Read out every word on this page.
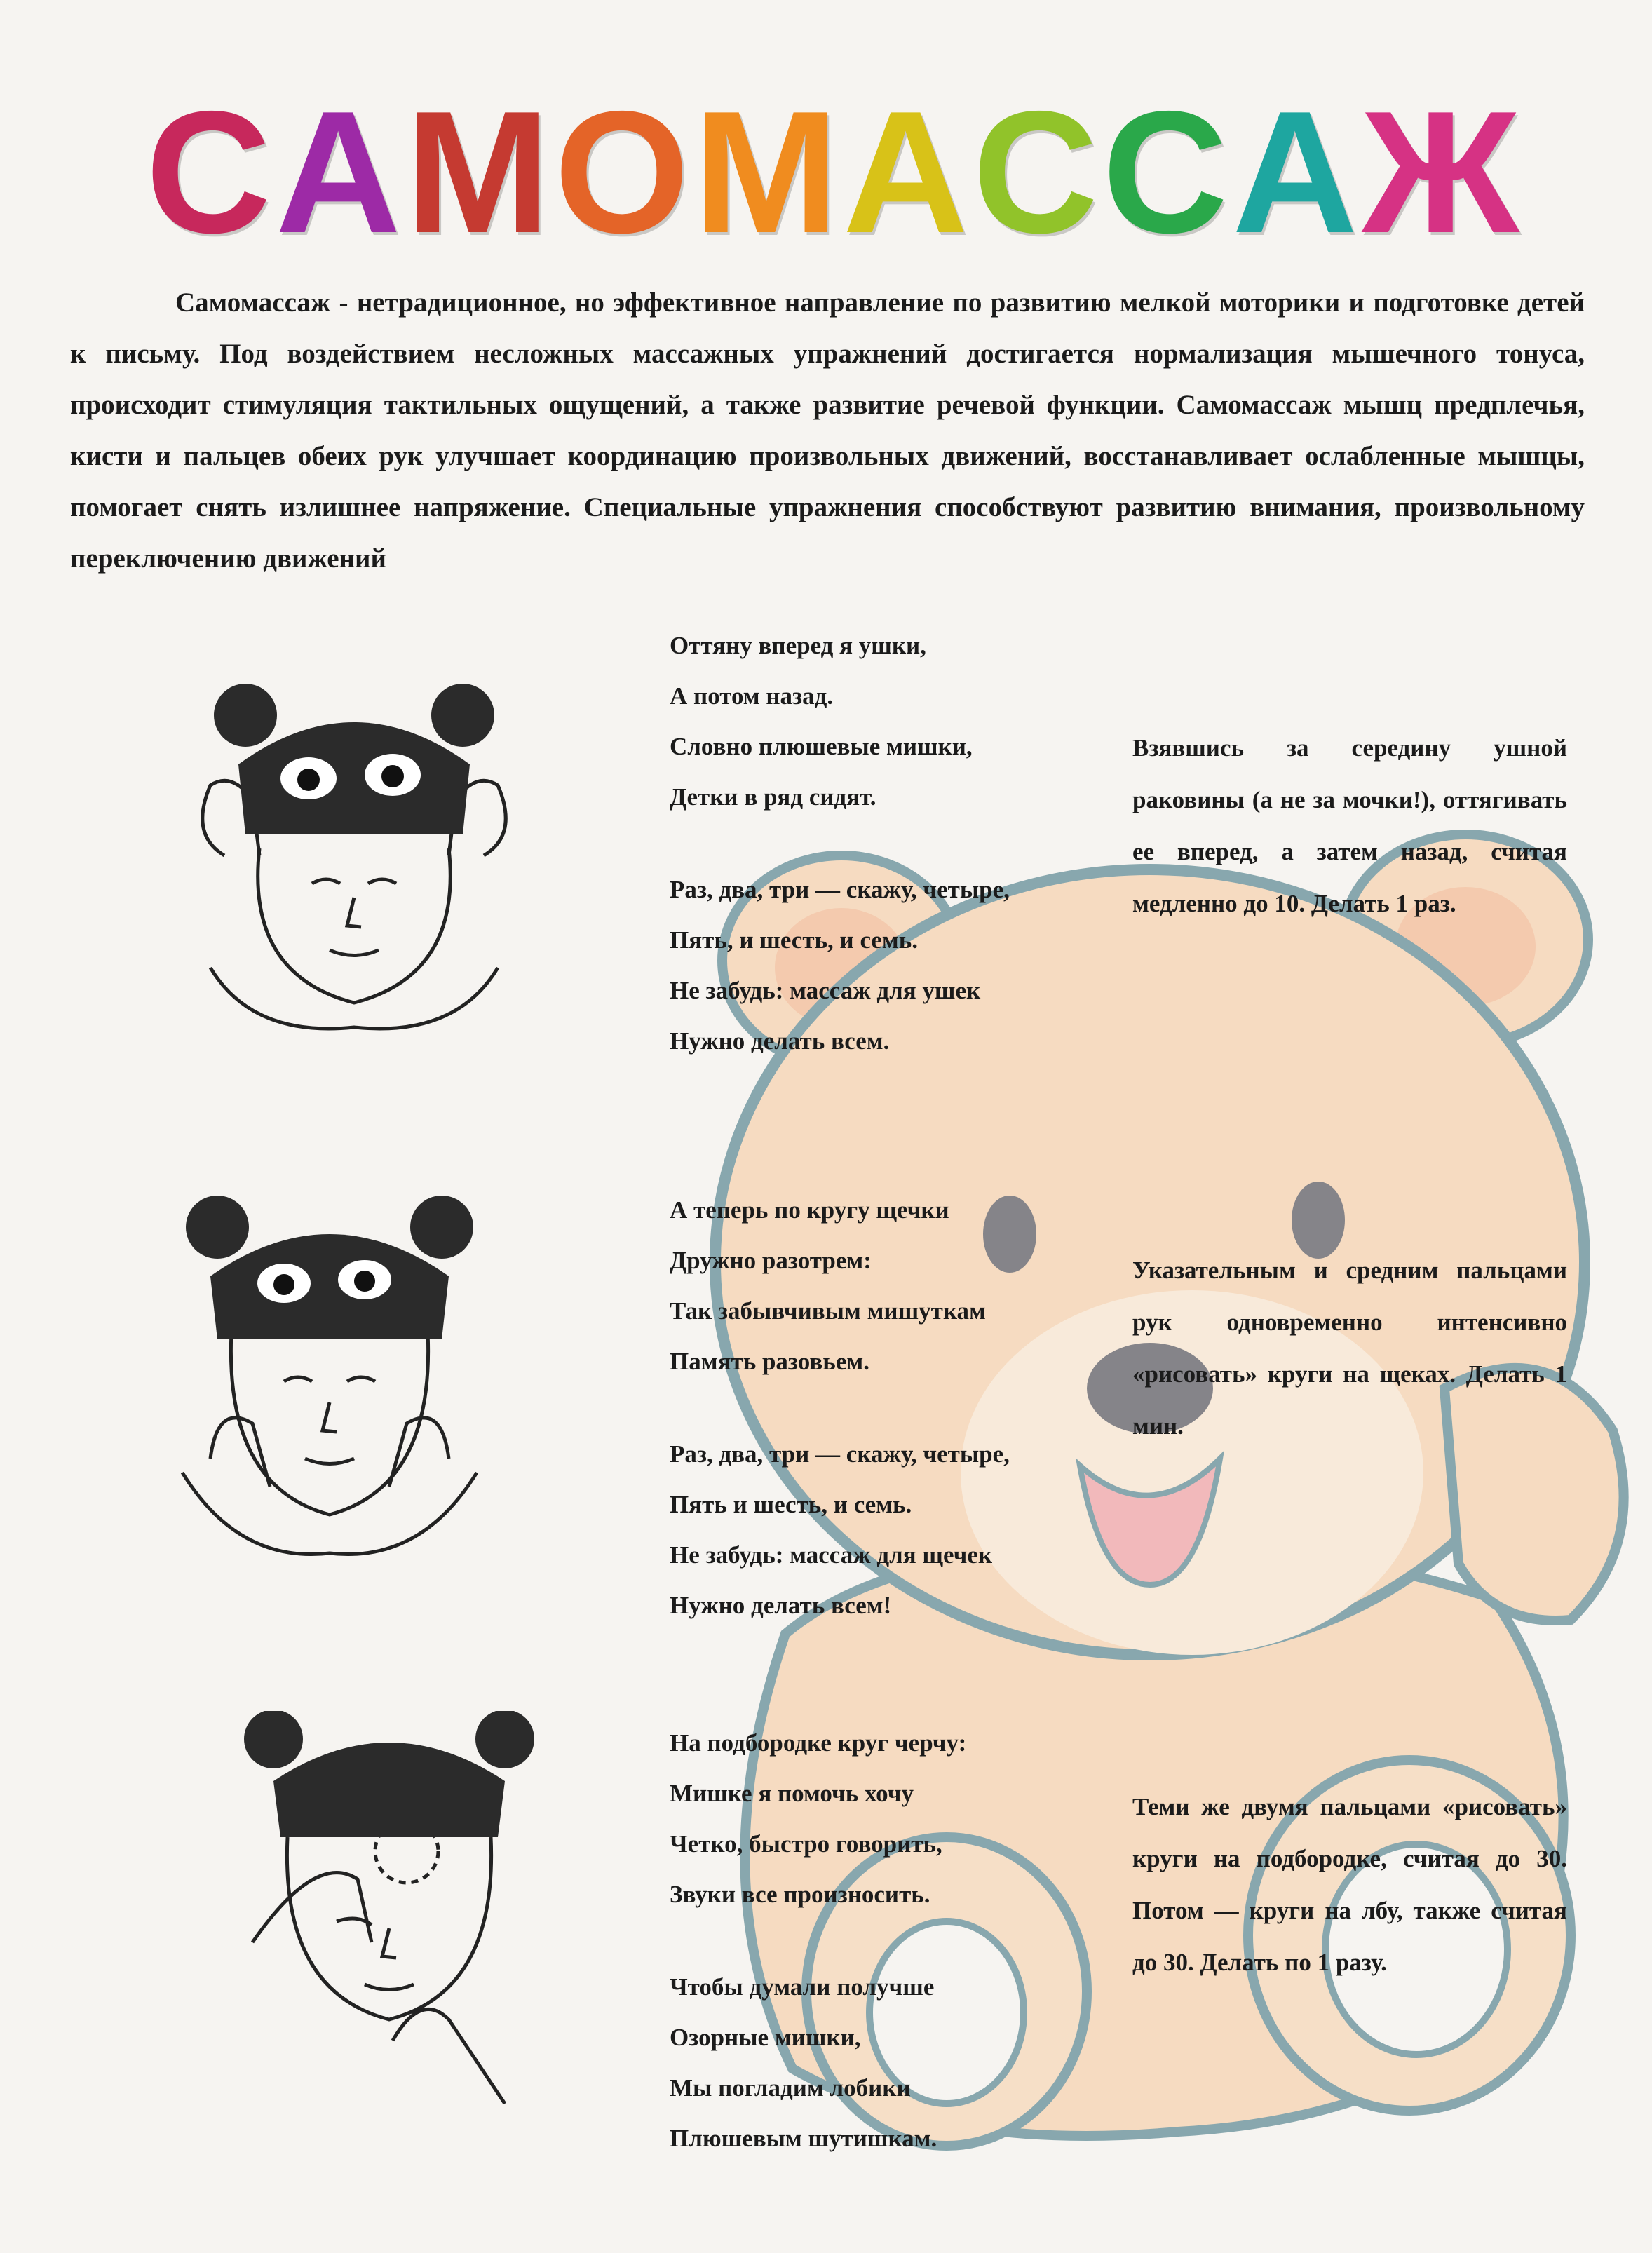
С А М О М А С С А Ж

Самомассаж - нетрадиционное, но эффективное направление по развитию мелкой моторики и подготовке детей к письму. Под воздействием несложных массажных упражнений достигается нормализация мышечного тонуса, происходит стимуляция тактильных ощущений, а также развитие речевой функции. Самомассаж мышц предплечья, кисти и пальцев обеих рук улучшает координацию произвольных движений, восстанавливает ослабленные мышцы, помогает снять излишнее напряжение. Специальные упражнения способствуют развитию внимания, произвольному переключению движений

Оттяну вперед я ушки,
А потом назад.
Словно плюшевые мишки,
Детки в ряд сидят.
Раз, два, три — скажу, четыре,
Пять, и шесть, и семь.
Не забудь: массаж для ушек
Нужно делать всем.
А теперь по кругу щечки
Дружно разотрем:
Так забывчивым мишуткам
Память разовьем.
Раз, два, три — скажу, четыре,
Пять и шесть, и семь.
Не забудь: массаж для щечек
Нужно делать всем!
На подбородке круг черчу:
Мишке я помочь хочу
Четко, быстро говорить,
Звуки все произносить.
Чтобы думали получше
Озорные мишки,
Мы погладим лобики
Плюшевым шутишкам.

Взявшись за середину ушной раковины (а не за мочки!), оттягивать ее вперед, а затем назад, считая медленно до 10. Делать 1 раз.

Указательным и средним пальцами рук одновременно интенсивно «рисовать» круги на щеках. Делать 1 мин.

Теми же двумя пальцами «рисовать» круги на подбородке, считая до 30. Потом — круги на лбу, также считая до 30. Делать по 1 разу.
